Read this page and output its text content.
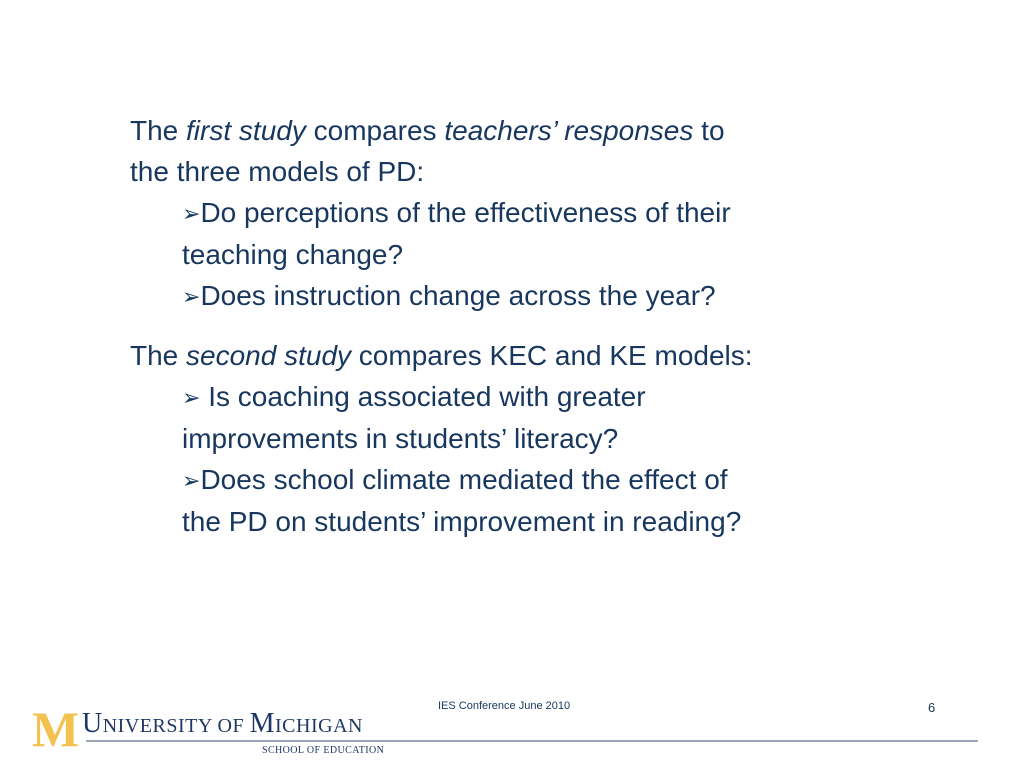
The first study compares teachers’ responses to
the three models of PD:
➢Do perceptions of the effectiveness of their
teaching change?
➢Does instruction change across the year?
The second study compares KEC and KE models:
➢ Is coaching associated with greater
improvements in students’ literacy?
➢Does school climate mediated the effect of
the PD on students’ improvement in reading?
IES Conference June 2010	6
M UNIVERSITY OF MICHIGAN
SCHOOL OF EDUCATION
